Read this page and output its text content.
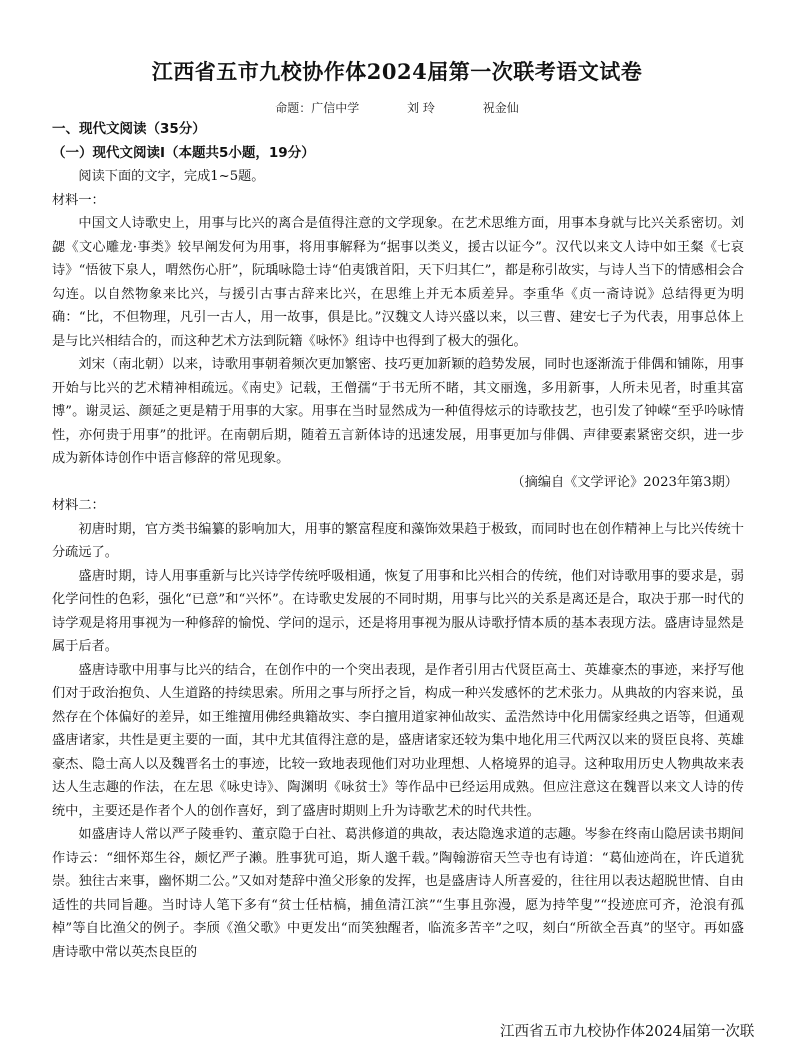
江西省五市九校协作体2024届第一次联考语文试卷
命题：广信中学	刘 玲	祝金仙

一、现代文阅读（35分）

（一）现代文阅读Ⅰ（本题共5小题，19分）

阅读下面的文字，完成1~5题。

材料一：

中国文人诗歌史上，用事与比兴的离合是值得注意的文学现象。在艺术思维方面，用事本身就与比兴关系密切。刘勰《文心雕龙·事类》较早阐发何为用事，将用事解释为“据事以类义，援古以证今”。汉代以来文人诗中如王粲《七哀诗》“悟彼下泉人，喟然伤心肝”，阮瑀咏隐士诗“伯夷饿首阳，天下归其仁”，都是称引故实，与诗人当下的情感相会合勾连。以自然物象来比兴，与援引古事古辞来比兴，在思维上并无本质差异。李重华《贞一斋诗说》总结得更为明确：“比，不但物理，凡引一古人，用一故事，俱是比。”汉魏文人诗兴盛以来，以三曹、建安七子为代表，用事总体上是与比兴相结合的，而这种艺术方法到阮籍《咏怀》组诗中也得到了极大的强化。

刘宋（南北朝）以来，诗歌用事朝着频次更加繁密、技巧更加新颖的趋势发展，同时也逐渐流于俳偶和铺陈，用事开始与比兴的艺术精神相疏远。《南史》记载，王僧孺“于书无所不睹，其文丽逸，多用新事，人所未见者，时重其富博”。谢灵运、颜延之更是精于用事的大家。用事在当时显然成为一种值得炫示的诗歌技艺，也引发了钟嵘“至乎吟咏情性，亦何贵于用事”的批评。在南朝后期，随着五言新体诗的迅速发展，用事更加与俳偶、声律要素紧密交织，进一步成为新体诗创作中语言修辞的常见现象。

（摘编自《文学评论》2023年第3期）

材料二：

初唐时期，官方类书编纂的影响加大，用事的繁富程度和藻饰效果趋于极致，而同时也在创作精神上与比兴传统十分疏远了。

盛唐时期，诗人用事重新与比兴诗学传统呼吸相通，恢复了用事和比兴相合的传统，他们对诗歌用事的要求是，弱化学问性的色彩，强化“已意”和“兴怀”。在诗歌史发展的不同时期，用事与比兴的关系是离还是合，取决于那一时代的诗学观是将用事视为一种修辞的愉悦、学问的逞示，还是将用事视为服从诗歌抒情本质的基本表现方法。盛唐诗显然是属于后者。

盛唐诗歌中用事与比兴的结合，在创作中的一个突出表现，是作者引用古代贤臣高士、英雄豪杰的事迹，来抒写他们对于政治抱负、人生道路的持续思索。所用之事与所抒之旨，构成一种兴发感怀的艺术张力。从典故的内容来说，虽然存在个体偏好的差异，如王维擅用佛经典籍故实、李白擅用道家神仙故实、孟浩然诗中化用儒家经典之语等，但通观盛唐诸家，共性是更主要的一面，其中尤其值得注意的是，盛唐诸家还较为集中地化用三代两汉以来的贤臣良将、英雄豪杰、隐士高人以及魏晋名士的事迹，比较一致地表现他们对功业理想、人格境界的追寻。这种取用历史人物典故来表达人生志趣的作法，在左思《咏史诗》、陶渊明《咏贫士》等作品中已经运用成熟。但应注意这在魏晋以来文人诗的传统中，主要还是作者个人的创作喜好，到了盛唐时期则上升为诗歌艺术的时代共性。

如盛唐诗人常以严子陵垂钓、董京隐于白社、葛洪修道的典故，表达隐逸求道的志趣。岑参在终南山隐居读书期间作诗云：“细怀郑生谷，颇忆严子濑。胜事犹可追，斯人邈千载。”陶翰游宿天竺寺也有诗道：“葛仙迹尚在，许氏道犹崇。独往古来事，幽怀期二公。”又如对楚辞中渔父形象的发挥，也是盛唐诗人所喜爱的，往往用以表达超脱世情、自由适性的共同旨趣。当时诗人笔下多有“贫士任枯槁，捕鱼清江滨”“生事且弥漫，愿为持竿叟”“投迹庶可齐，沧浪有孤棹”等自比渔父的例子。李颀《渔父歌》中更发出“而笑独醒者，临流多苦辛”之叹，刻白“所欲全吾真”的坚守。再如盛唐诗歌中常以英杰良臣的

江西省五市九校协作体2024届第一次联
